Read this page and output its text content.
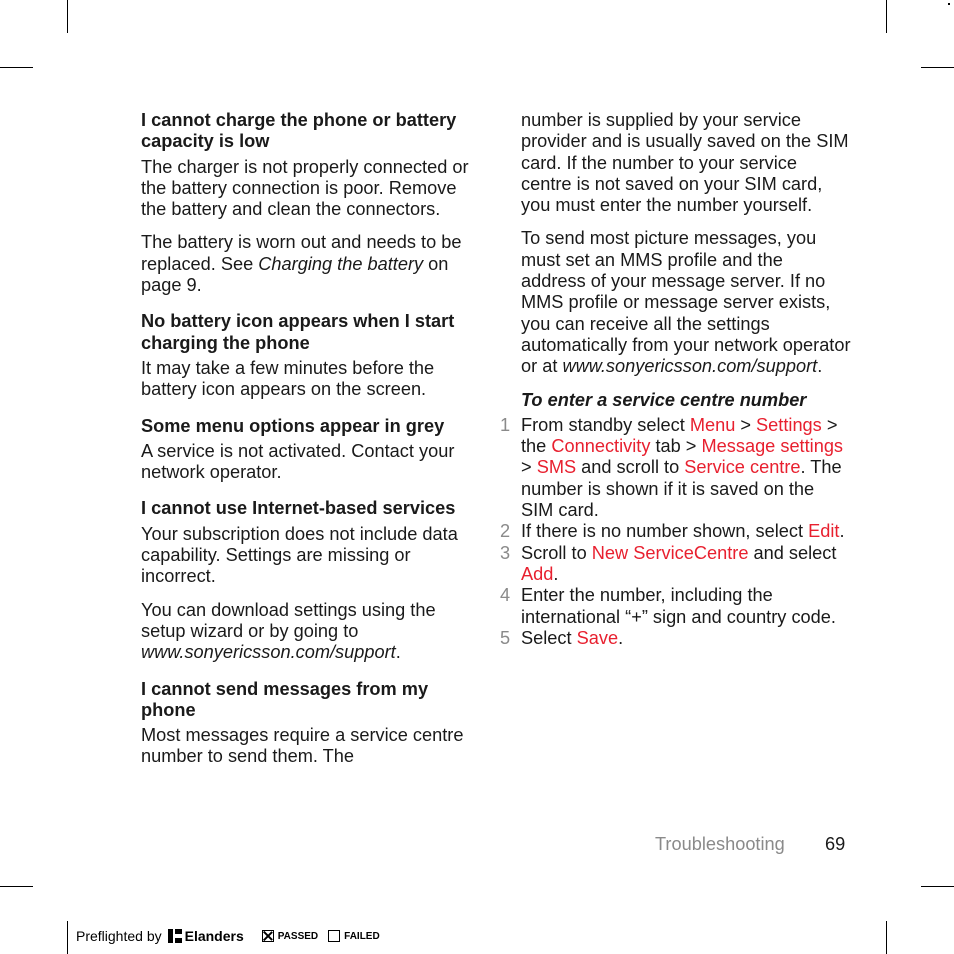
I cannot charge the phone or battery capacity is low

The charger is not properly connected or the battery connection is poor. Remove the battery and clean the connectors.

The battery is worn out and needs to be replaced. See Charging the battery on page 9.

No battery icon appears when I start charging the phone

It may take a few minutes before the battery icon appears on the screen.

Some menu options appear in grey

A service is not activated. Contact your network operator.

I cannot use Internet-based services

Your subscription does not include data capability. Settings are missing or incorrect.

You can download settings using the setup wizard or by going to www.sonyericsson.com/support.

I cannot send messages from my phone

Most messages require a service centre number to send them. The

number is supplied by your service provider and is usually saved on the SIM card. If the number to your service centre is not saved on your SIM card, you must enter the number yourself.

To send most picture messages, you must set an MMS profile and the address of your message server. If no MMS profile or message server exists, you can receive all the settings automatically from your network operator or at www.sonyericsson.com/support.

To enter a service centre number
1 From standby select Menu > Settings > the Connectivity tab > Message settings > SMS and scroll to Service centre. The number is shown if it is saved on the SIM card.
2 If there is no number shown, select Edit.
3 Scroll to New ServiceCentre and select Add.
4 Enter the number, including the international “+” sign and country code.
5 Select Save.
Troubleshooting 69
Preflighted by Elanders	PASSED	FAILED
